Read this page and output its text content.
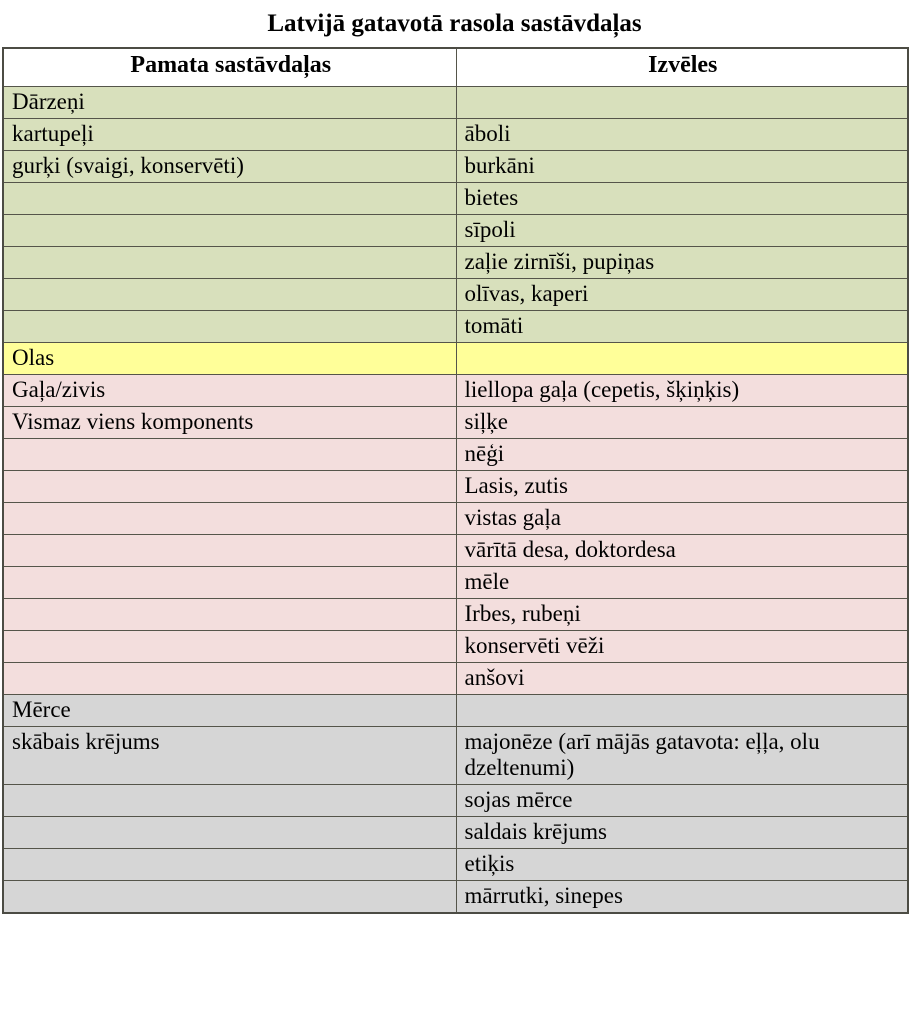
Latvijā gatavotā rasola sastāvdaļas
Pamata sastāvdaļas	Izvēles
Dārzeņi	
kartupeļi	āboli
gurķi (svaigi, konservēti)	burkāni
	bietes
	sīpoli
	zaļie zirnīši, pupiņas
	olīvas, kaperi
	tomāti
Olas	
Gaļa/zivis	liellopa gaļa (cepetis, šķiņķis)
Vismaz viens komponents	siļķe
	nēģi
	Lasis, zutis
	vistas gaļa
	vārītā desa, doktordesa
	mēle
	Irbes, rubeņi
	konservēti vēži
	anšovi
Mērce	
skābais krējums	majonēze (arī mājās gatavota: eļļa, olu dzeltenumi)
	sojas mērce
	saldais krējums
	etiķis
	mārrutki, sinepes
